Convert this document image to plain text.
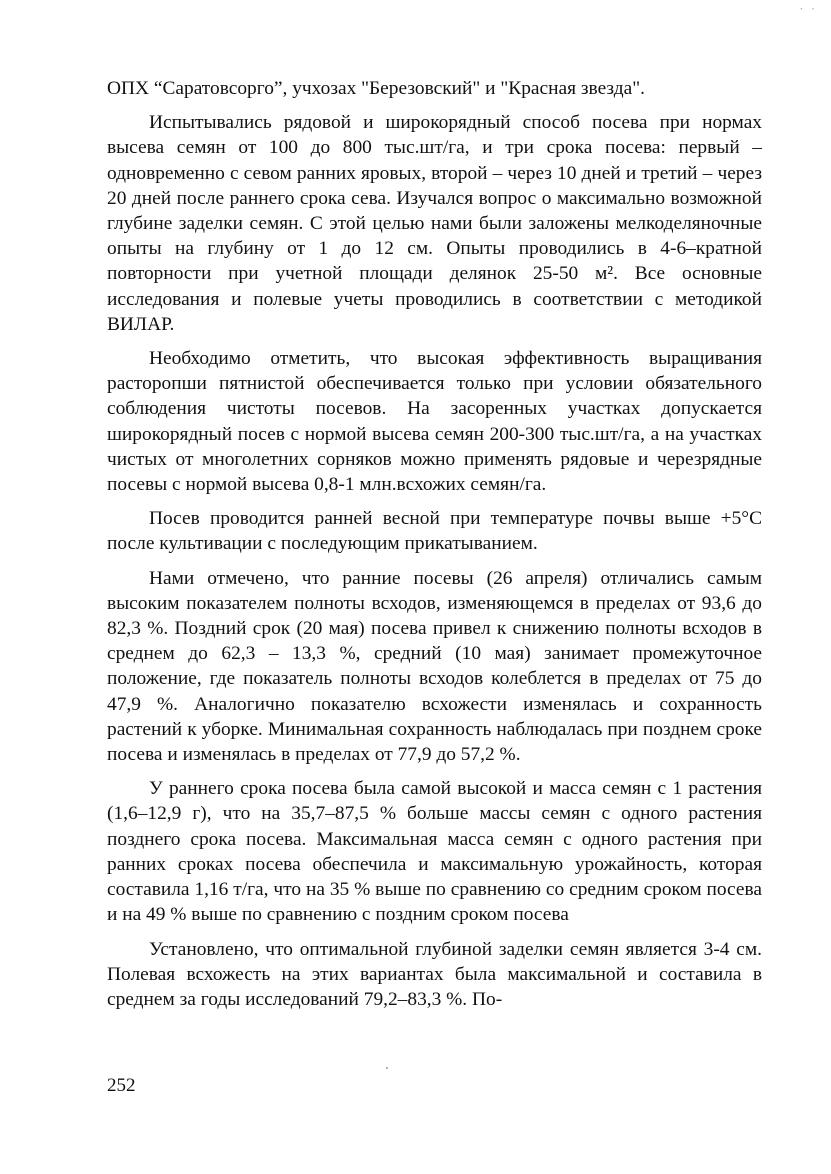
· ·

ОПХ “Саратовсорго”, учхозах "Березовский" и "Красная звезда".

Испытывались рядовой и широкорядный способ посева при нормах высева семян от 100 до 800 тыс.шт/га, и три срока посева: первый – одновременно с севом ранних яровых, второй – через 10 дней и третий – через 20 дней после раннего срока сева. Изучался вопрос о максимально возможной глубине заделки семян. С этой целью нами были заложены мелкоделяночные опыты на глубину от 1 до 12 см. Опыты проводились в 4-6–кратной повторности при учетной площади делянок 25-50 м². Все основные исследования и полевые учеты проводились в соответствии с методикой ВИЛАР.

Необходимо отметить, что высокая эффективность выращивания расторопши пятнистой обеспечивается только при условии обязательного соблюдения чистоты посевов. На засоренных участках допускается широкорядный посев с нормой высева семян 200-300 тыс.шт/га, а на участках чистых от многолетних сорняков можно применять рядовые и черезрядные посевы с нормой высева 0,8-1 млн.всхожих семян/га.

Посев проводится ранней весной при температуре почвы выше +5°С после культивации с последующим прикатыванием.

Нами отмечено, что ранние посевы (26 апреля) отличались самым высоким показателем полноты всходов, изменяющемся в пределах от 93,6 до 82,3 %. Поздний срок (20 мая) посева привел к снижению полноты всходов в среднем до 62,3 – 13,3 %, средний (10 мая) занимает промежуточное положение, где показатель полноты всходов колеблется в пределах от 75 до 47,9 %. Аналогично показателю всхожести изменялась и сохранность растений к уборке. Минимальная сохранность наблюдалась при позднем сроке посева и изменялась в пределах от 77,9 до 57,2 %.

У раннего срока посева была самой высокой и масса семян с 1 растения (1,6–12,9 г), что на 35,7–87,5 % больше массы семян с одного растения позднего срока посева. Максимальная масса семян с одного растения при ранних сроках посева обеспечила и максимальную урожайность, которая составила 1,16 т/га, что на 35 % выше по сравнению со средним сроком посева и на 49 % выше по сравнению с поздним сроком посева

Установлено, что оптимальной глубиной заделки семян является 3-4 см. Полевая всхожесть на этих вариантах была максимальной и составила в среднем за годы исследований 79,2–83,3 %. По-

252
